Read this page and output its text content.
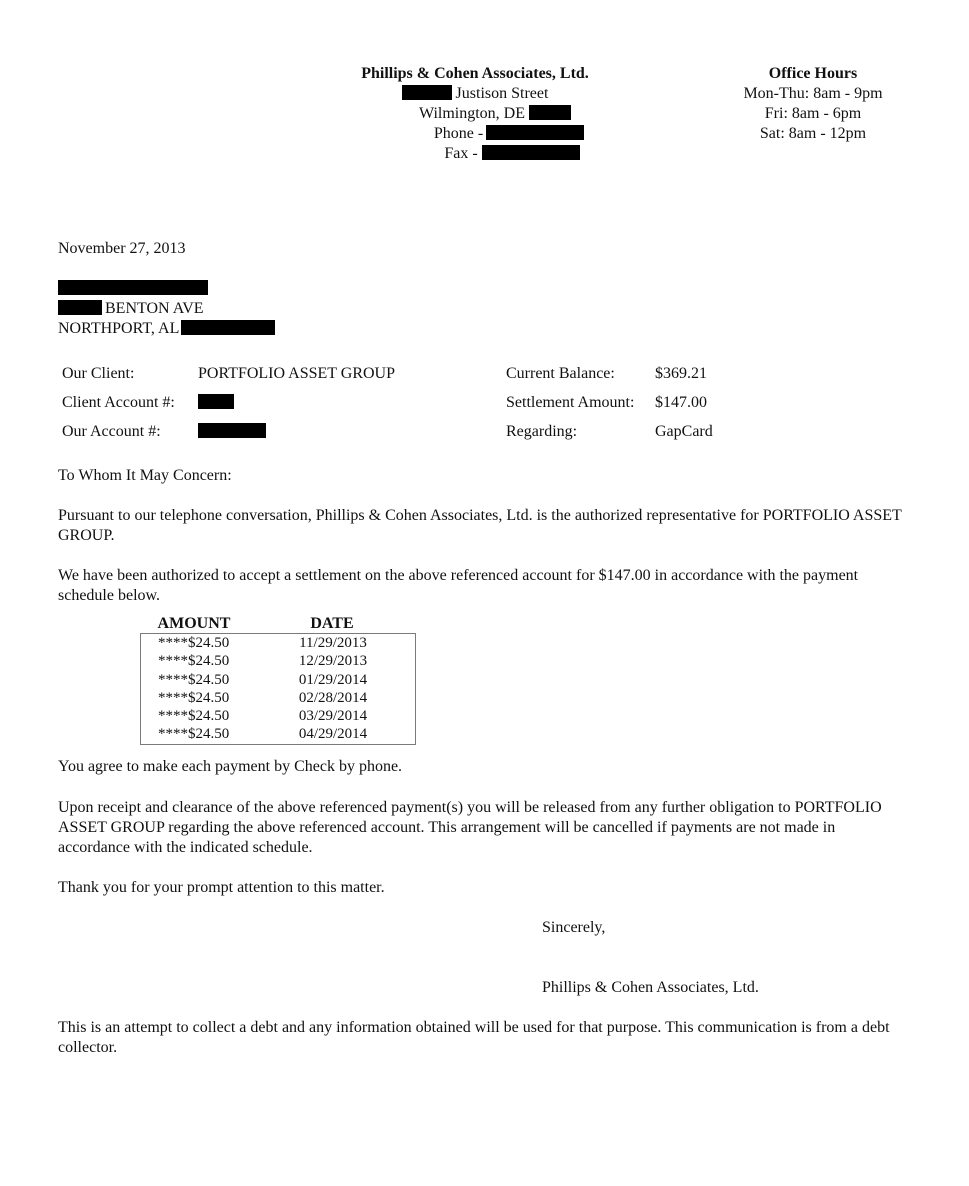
Phillips & Cohen Associates, Ltd.
Justison Street
Wilmington, DE
Phone -
Fax -
Office Hours
Mon-Thu: 8am - 9pm
Fri: 8am - 6pm
Sat: 8am - 12pm
November 27, 2013
BENTON AVE
NORTHPORT, AL
Our Client:	PORTFOLIO ASSET GROUP
Client Account #:
Our Account #:
Current Balance:	$369.21
Settlement Amount:	$147.00
Regarding:	GapCard
To Whom It May Concern:
Pursuant to our telephone conversation, Phillips & Cohen Associates, Ltd. is the authorized representative for PORTFOLIO ASSET GROUP.
We have been authorized to accept a settlement on the above referenced account for $147.00 in accordance with the payment schedule below.
AMOUNT	DATE
****$24.50	11/29/2013
****$24.50	12/29/2013
****$24.50	01/29/2014
****$24.50	02/28/2014
****$24.50	03/29/2014
****$24.50	04/29/2014
You agree to make each payment by Check by phone.
Upon receipt and clearance of the above referenced payment(s) you will be released from any further obligation to PORTFOLIO ASSET GROUP regarding the above referenced account. This arrangement will be cancelled if payments are not made in accordance with the indicated schedule.
Thank you for your prompt attention to this matter.
Sincerely,
Phillips & Cohen Associates, Ltd.
This is an attempt to collect a debt and any information obtained will be used for that purpose. This communication is from a debt collector.
